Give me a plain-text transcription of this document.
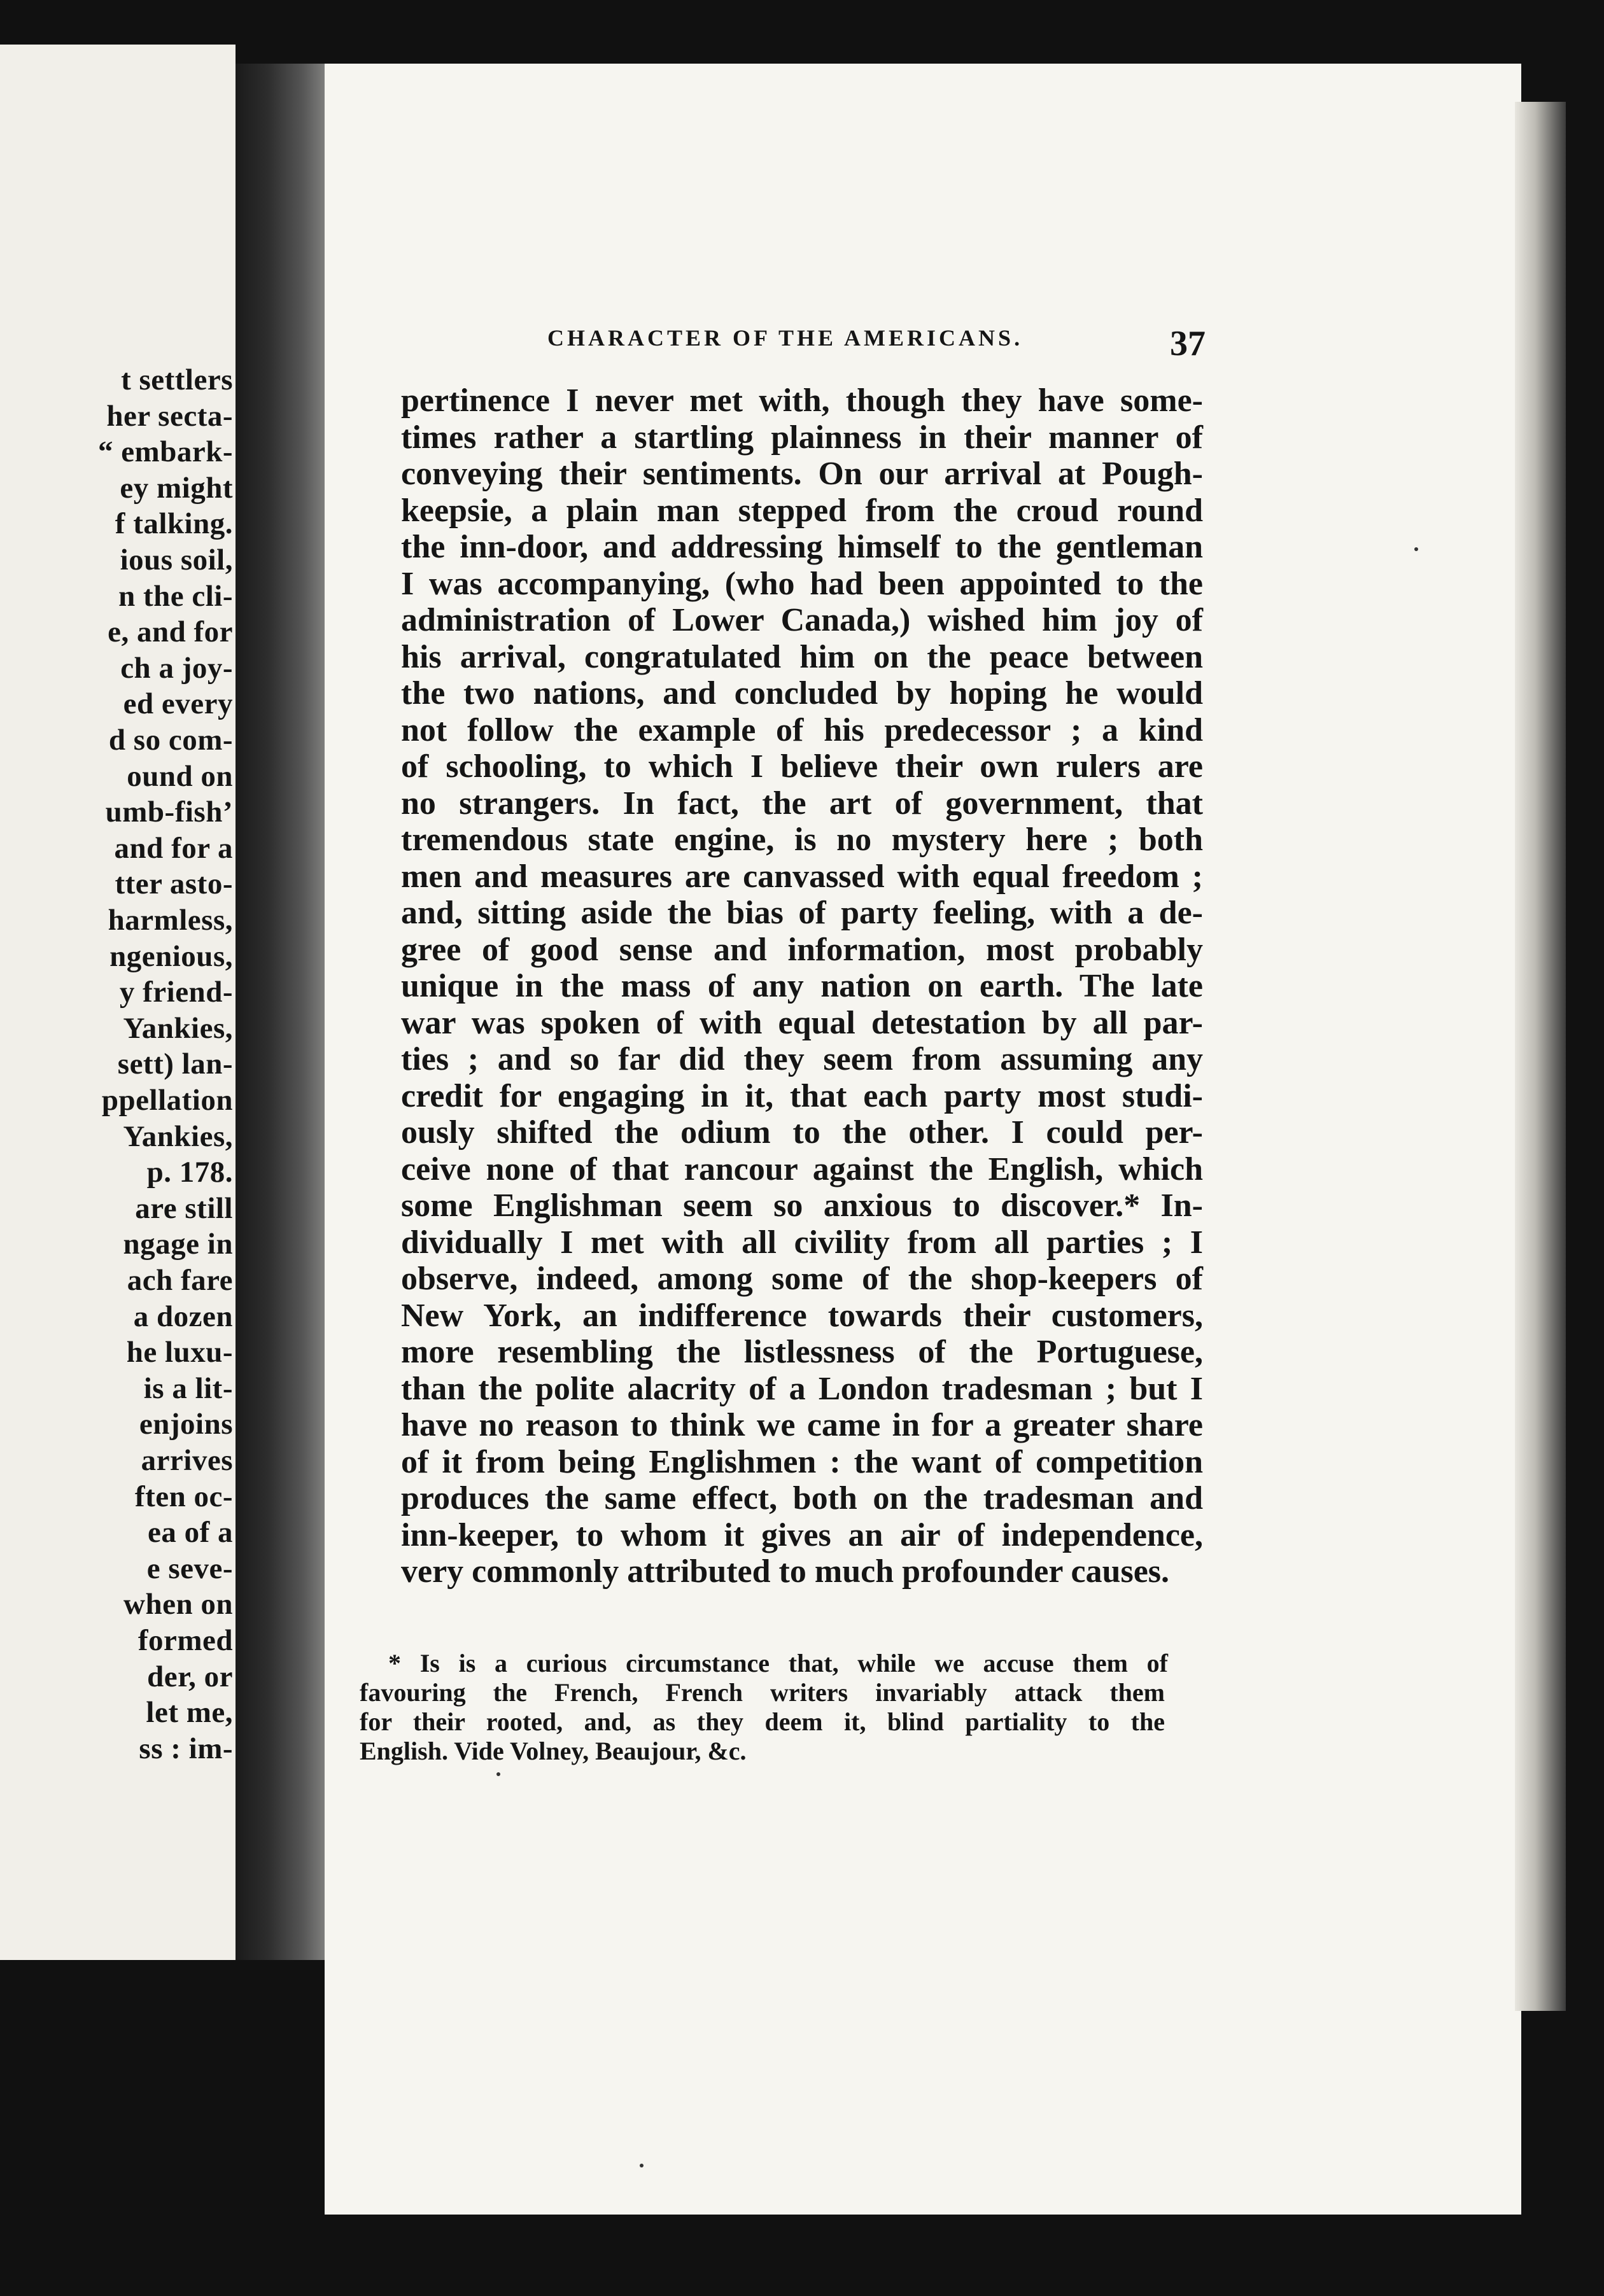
t settlers
her secta-
“ embark-
ey might
f talking.
ious soil,
n the cli-
e, and for
ch a joy-
ed every
d so com-
ound on
umb-fish’
and for a
tter asto-
harmless,
ngenious,
y friend-
Yankies,
sett) lan-
ppellation
Yankies,
p. 178.
are still
ngage in
ach fare
a dozen
he luxu-
is a lit-
enjoins
arrives
ften oc-
ea of a
e seve-
when on
formed
der, or
let me,
ss : im-
CHARACTER OF THE AMERICANS.	37
pertinence I never met with, though they have some-
times rather a startling plainness in their manner of
conveying their sentiments. On our arrival at Pough-
keepsie, a plain man stepped from the croud round
the inn-door, and addressing himself to the gentleman
I was accompanying, (who had been appointed to the
administration of Lower Canada,) wished him joy of
his arrival, congratulated him on the peace between
the two nations, and concluded by hoping he would
not follow the example of his predecessor ; a kind
of schooling, to which I believe their own rulers are
no strangers. In fact, the art of government, that
tremendous state engine, is no mystery here ; both
men and measures are canvassed with equal freedom ;
and, sitting aside the bias of party feeling, with a de-
gree of good sense and information, most probably
unique in the mass of any nation on earth. The late
war was spoken of with equal detestation by all par-
ties ; and so far did they seem from assuming any
credit for engaging in it, that each party most studi-
ously shifted the odium to the other. I could per-
ceive none of that rancour against the English, which
some Englishman seem so anxious to discover.* In-
dividually I met with all civility from all parties ; I
observe, indeed, among some of the shop-keepers of
New York, an indifference towards their customers,
more resembling the listlessness of the Portuguese,
than the polite alacrity of a London tradesman ; but I
have no reason to think we came in for a greater share
of it from being Englishmen : the want of competition
produces the same effect, both on the tradesman and
inn-keeper, to whom it gives an air of independence,
very commonly attributed to much profounder causes.
* Is is a curious circumstance that, while we accuse them of
favouring the French, French writers invariably attack them
for their rooted, and, as they deem it, blind partiality to the
English. Vide Volney, Beaujour, &c.
